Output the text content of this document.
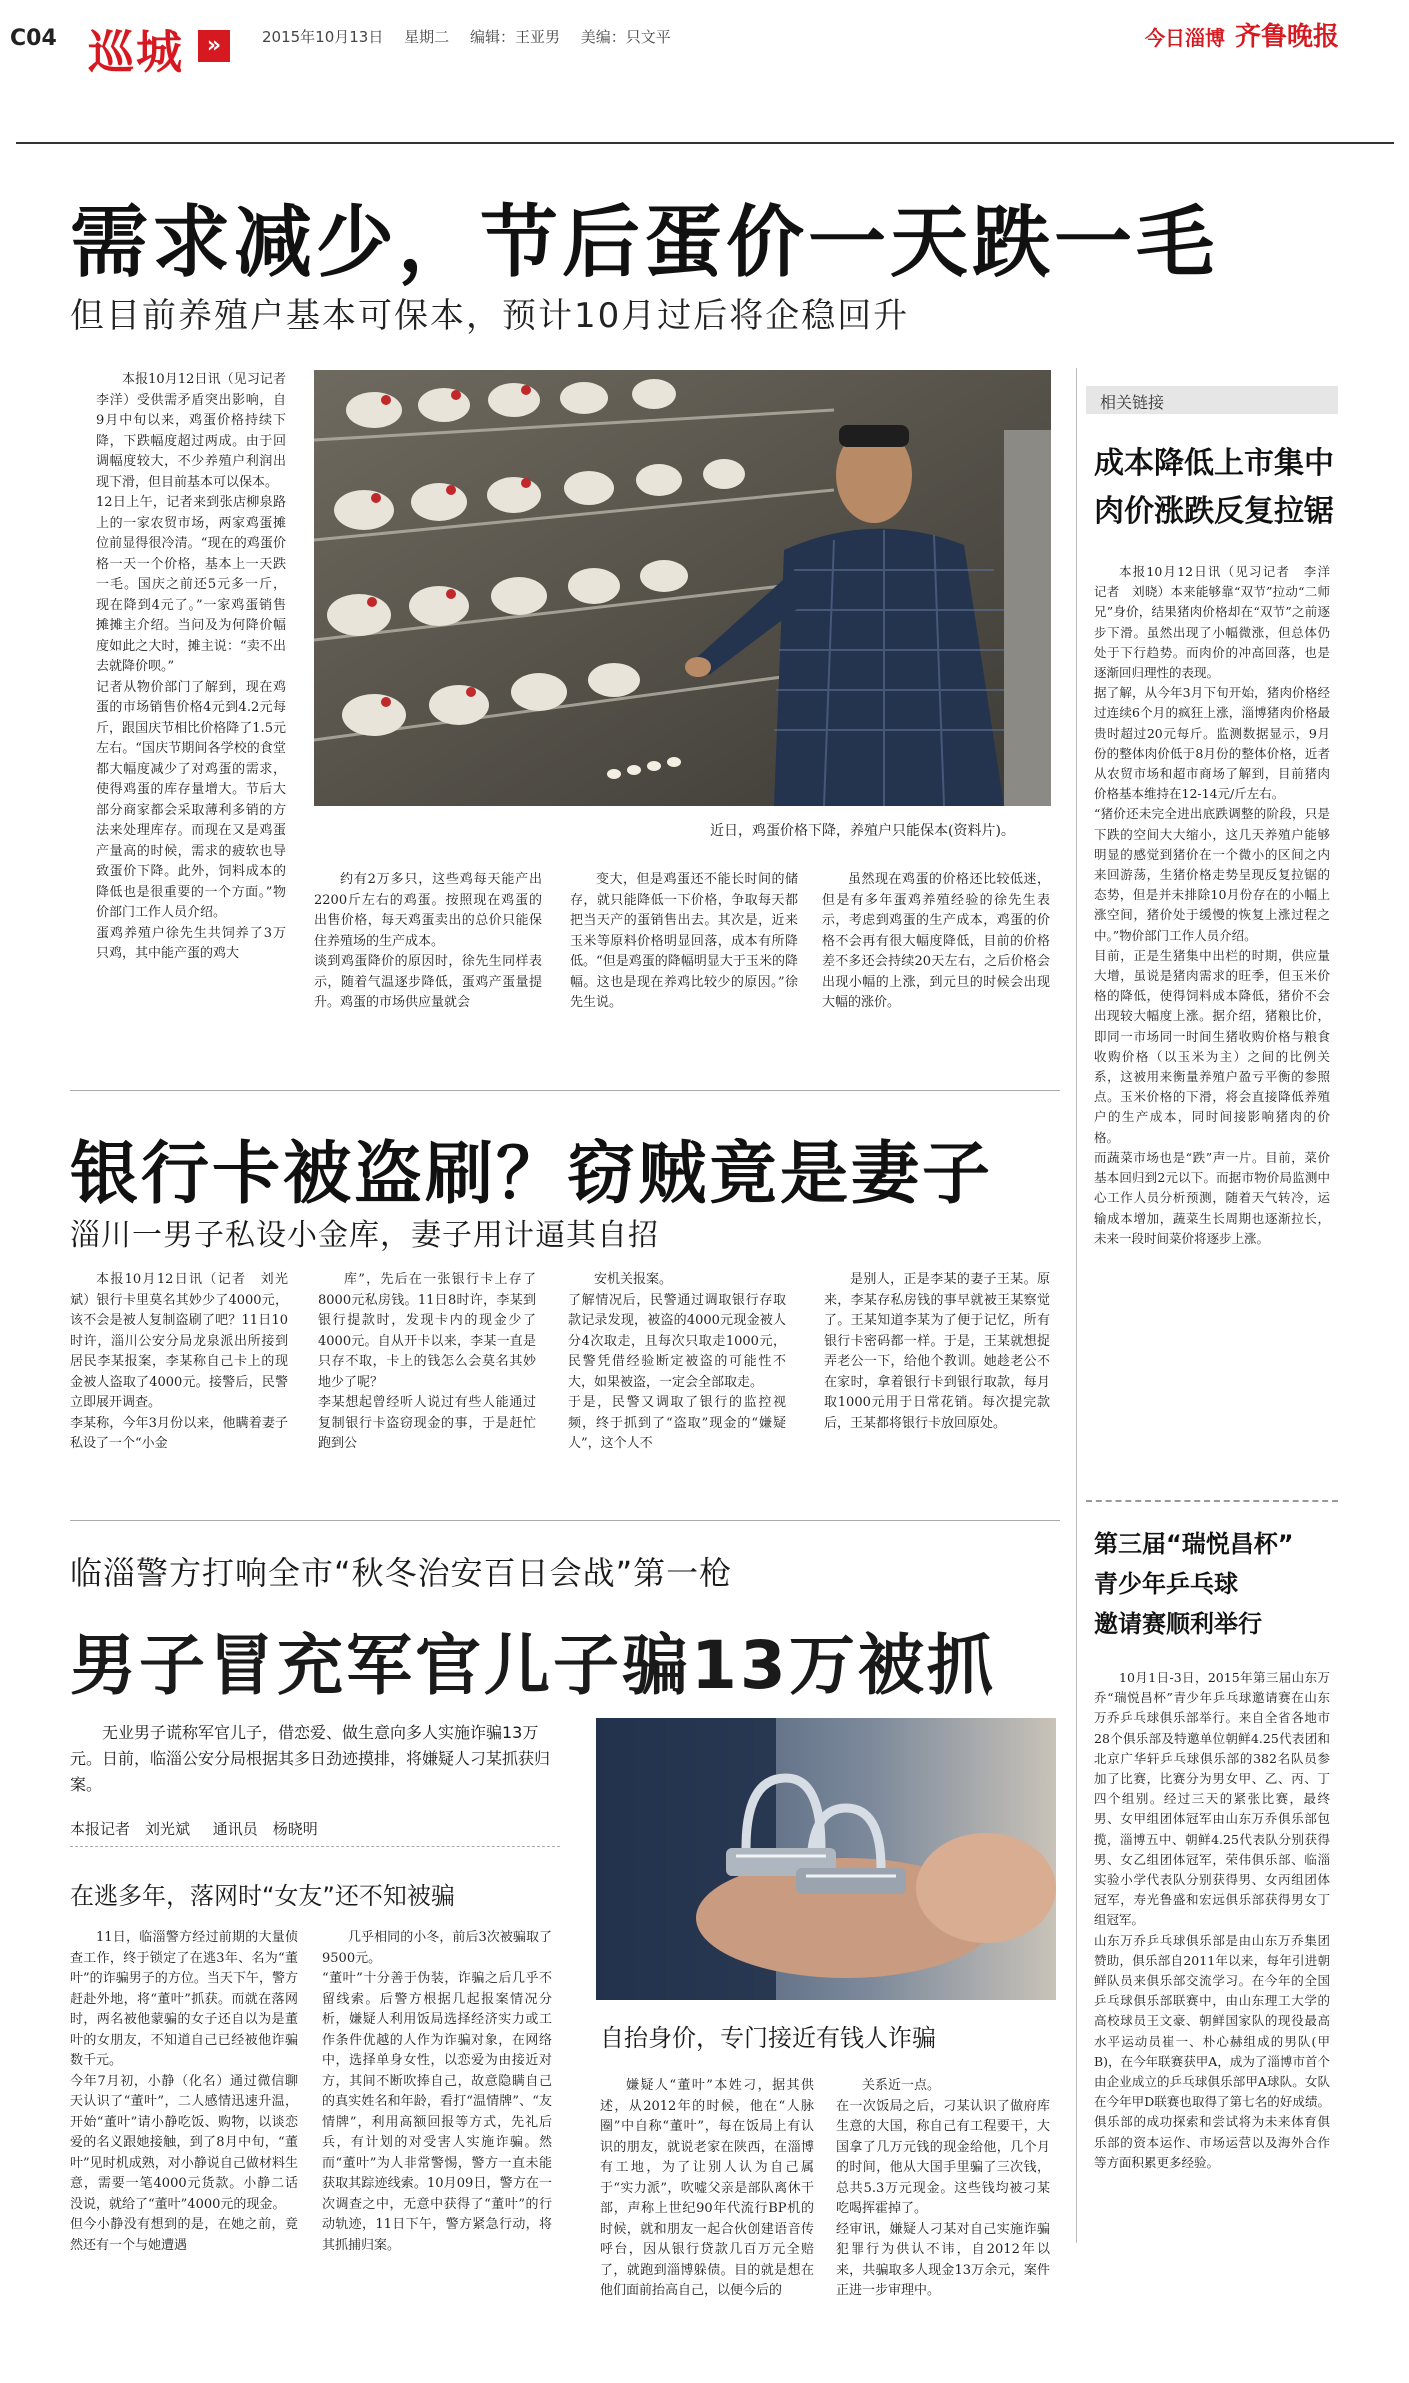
C04 巡城	»	2015年10月13日 星期二 编辑：王亚男 美编：只文平	今日淄博 齐鲁晚报
需求减少，节后蛋价一天跌一毛
但目前养殖户基本可保本，预计10月过后将企稳回升
本报10月12日讯（见习记者　李洋）受供需矛盾突出影响，自9月中旬以来，鸡蛋价格持续下降，下跌幅度超过两成。由于回调幅度较大，不少养殖户利润出现下滑，但目前基本可以保本。
12日上午，记者来到张店柳泉路上的一家农贸市场，两家鸡蛋摊位前显得很冷清。“现在的鸡蛋价格一天一个价格，基本上一天跌一毛。国庆之前还5元多一斤，现在降到4元了。”一家鸡蛋销售摊摊主介绍。当问及为何降价幅度如此之大时，摊主说：“卖不出去就降价呗。”
记者从物价部门了解到，现在鸡蛋的市场销售价格4元到4.2元每斤，跟国庆节相比价格降了1.5元左右。“国庆节期间各学校的食堂都大幅度减少了对鸡蛋的需求，使得鸡蛋的库存量增大。节后大部分商家都会采取薄利多销的方法来处理库存。而现在又是鸡蛋产量高的时候，需求的疲软也导致蛋价下降。此外，饲料成本的降低也是很重要的一个方面。”物价部门工作人员介绍。
蛋鸡养殖户徐先生共饲养了3万只鸡，其中能产蛋的鸡大
近日，鸡蛋价格下降，养殖户只能保本(资料片)。
约有2万多只，这些鸡每天能产出2200斤左右的鸡蛋。按照现在鸡蛋的出售价格，每天鸡蛋卖出的总价只能保住养殖场的生产成本。
谈到鸡蛋降价的原因时，徐先生同样表示，随着气温逐步降低，蛋鸡产蛋量提升。鸡蛋的市场供应量就会
变大，但是鸡蛋还不能长时间的储存，就只能降低一下价格，争取每天都把当天产的蛋销售出去。其次是，近来玉米等原料价格明显回落，成本有所降低。“但是鸡蛋的降幅明显大于玉米的降幅。这也是现在养鸡比较少的原因。”徐先生说。
虽然现在鸡蛋的价格还比较低迷，但是有多年蛋鸡养殖经验的徐先生表示，考虑到鸡蛋的生产成本，鸡蛋的价格不会再有很大幅度降低，目前的价格差不多还会持续20天左右，之后价格会出现小幅的上涨，到元旦的时候会出现大幅的涨价。
相关链接
成本降低上市集中
肉价涨跌反复拉锯
本报10月12日讯（见习记者　李洋　记者　刘晓）本来能够靠“双节”拉动“二师兄”身价，结果猪肉价格却在“双节”之前逐步下滑。虽然出现了小幅微涨，但总体仍处于下行趋势。而肉价的冲高回落，也是逐渐回归理性的表现。
据了解，从今年3月下旬开始，猪肉价格经过连续6个月的疯狂上涨，淄博猪肉价格最贵时超过20元每斤。监测数据显示，9月份的整体肉价低于8月份的整体价格，近者从农贸市场和超市商场了解到，目前猪肉价格基本维持在12-14元/斤左右。
“猪价还未完全进出底跌调整的阶段，只是下跌的空间大大缩小，这几天养殖户能够明显的感觉到猪价在一个微小的区间之内来回游荡，生猪价格走势呈现反复拉锯的态势，但是并未排除10月份存在的小幅上涨空间，猪价处于缓慢的恢复上涨过程之中。”物价部门工作人员介绍。
目前，正是生猪集中出栏的时期，供应量大增，虽说是猪肉需求的旺季，但玉米价格的降低，使得饲料成本降低，猪价不会出现较大幅度上涨。据介绍，猪粮比价，即同一市场同一时间生猪收购价格与粮食收购价格（以玉米为主）之间的比例关系，这被用来衡量养殖户盈亏平衡的参照点。玉米价格的下滑，将会直接降低养殖户的生产成本，同时间接影响猪肉的价格。
而蔬菜市场也是“跌”声一片。目前，菜价基本回归到2元以下。而据市物价局监测中心工作人员分析预测，随着天气转冷，运输成本增加，蔬菜生长周期也逐渐拉长，未来一段时间菜价将逐步上涨。
第三届“瑞悦昌杯”
青少年乒乓球
邀请赛顺利举行
10月1日-3日，2015年第三届山东万乔“瑞悦昌杯”青少年乒乓球邀请赛在山东万乔乒乓球俱乐部举行。来自全省各地市28个俱乐部及特邀单位朝鲜4.25代表团和北京广华轩乒乓球俱乐部的382名队员参加了比赛，比赛分为男女甲、乙、丙、丁四个组别。经过三天的紧张比赛，最终男、女甲组团体冠军由山东万乔俱乐部包揽，淄博五中、朝鲜4.25代表队分别获得男、女乙组团体冠军，荣伟俱乐部、临淄实验小学代表队分别获得男、女丙组团体冠军，寿光鲁盛和宏远俱乐部获得男女丁组冠军。
山东万乔乒乓球俱乐部是由山东万乔集团赞助，俱乐部自2011年以来，每年引进朝鲜队员来俱乐部交流学习。在今年的全国乒乓球俱乐部联赛中，由山东理工大学的高校球员王文豪、朝鲜国家队的现役最高水平运动员崔一、朴心赫组成的男队(甲B)，在今年联赛获甲A，成为了淄博市首个由企业成立的乒乓球俱乐部甲A球队。女队在今年甲D联赛也取得了第七名的好成绩。俱乐部的成功探索和尝试将为未来体育俱乐部的资本运作、市场运营以及海外合作等方面积累更多经验。
银行卡被盗刷？窃贼竟是妻子
淄川一男子私设小金库，妻子用计逼其自招
本报10月12日讯（记者　刘光斌）银行卡里莫名其妙少了4000元，该不会是被人复制盗刷了吧？11日10时许，淄川公安分局龙泉派出所接到居民李某报案，李某称自己卡上的现金被人盗取了4000元。接警后，民警立即展开调查。
李某称，今年3月份以来，他瞒着妻子私设了一个“小金
库”，先后在一张银行卡上存了8000元私房钱。11日8时许，李某到银行提款时，发现卡内的现金少了4000元。自从开卡以来，李某一直是只存不取，卡上的钱怎么会莫名其妙地少了呢？
李某想起曾经听人说过有些人能通过复制银行卡盗窃现金的事，于是赶忙跑到公
安机关报案。
了解情况后，民警通过调取银行存取款记录发现，被盗的4000元现金被人分4次取走，且每次只取走1000元，民警凭借经验断定被盗的可能性不大，如果被盗，一定会全部取走。
于是，民警又调取了银行的监控视频，终于抓到了“盗取”现金的“嫌疑人”，这个人不
是别人，正是李某的妻子王某。原来，李某存私房钱的事早就被王某察觉了。王某知道李某为了便于记忆，所有银行卡密码都一样。于是，王某就想捉弄老公一下，给他个教训。她趁老公不在家时，拿着银行卡到银行取款，每月取1000元用于日常花销。每次提完款后，王某都将银行卡放回原处。
临淄警方打响全市“秋冬治安百日会战”第一枪
男子冒充军官儿子骗13万被抓
无业男子谎称军官儿子，借恋爱、做生意向多人实施诈骗13万元。日前，临淄公安分局根据其多日劲迹摸排，将嫌疑人刁某抓获归案。
本报记者　刘光斌 通讯员　杨晓明
在逃多年，落网时“女友”还不知被骗
自抬身价，专门接近有钱人诈骗
11日，临淄警方经过前期的大量侦查工作，终于锁定了在逃3年、名为“董叶”的诈骗男子的方位。当天下午，警方赶赴外地，将“董叶”抓获。而就在落网时，两名被他蒙骗的女子还自以为是董叶的女朋友，不知道自己已经被他诈骗数千元。
今年7月初，小静（化名）通过微信聊天认识了“董叶”，二人感情迅速升温，开始“董叶”请小静吃饭、购物，以谈恋爱的名义跟她接触，到了8月中旬，“董叶”见时机成熟，对小静说自己做材料生意，需要一笔4000元货款。小静二话没说，就给了“董叶”4000元的现金。
但今小静没有想到的是，在她之前，竟然还有一个与她遭遇
几乎相同的小冬，前后3次被骗取了9500元。
“董叶”十分善于伪装，诈骗之后几乎不留线索。后警方根据几起报案情况分析，嫌疑人利用饭局选择经济实力或工作条件优越的人作为诈骗对象，在网络中，选择单身女性，以恋爱为由接近对方，其间不断吹捧自己，故意隐瞒自己的真实姓名和年龄，看打“温情牌”、“友情牌”，利用高额回报等方式，先礼后兵，有计划的对受害人实施诈骗。然而“董叶”为人非常警惕，警方一直未能获取其踪迹线索。10月09日，警方在一次调查之中，无意中获得了“董叶”的行动轨迹，11日下午，警方紧急行动，将其抓捕归案。
嫌疑人“董叶”本姓刁，据其供述，从2012年的时候，他在“人脉圈”中自称“董叶”，每在饭局上有认识的朋友，就说老家在陕西，在淄博有工地，为了让别人认为自己属于“实力派”，吹嘘父亲是部队离休干部，声称上世纪90年代流行BP机的时候，就和朋友一起合伙创建语音传呼台，因从银行贷款几百万元全赔了，就跑到淄博躲债。目的就是想在他们面前抬高自己，以便今后的
关系近一点。
在一次饭局之后，刁某认识了做府库生意的大国，称自己有工程要干，大国拿了几万元钱的现金给他，几个月的时间，他从大国手里骗了三次钱，总共5.3万元现金。这些钱均被刁某吃喝挥霍掉了。
经审讯，嫌疑人刁某对自己实施诈骗犯罪行为供认不讳，自2012年以来，共骗取多人现金13万余元，案件正进一步审理中。
